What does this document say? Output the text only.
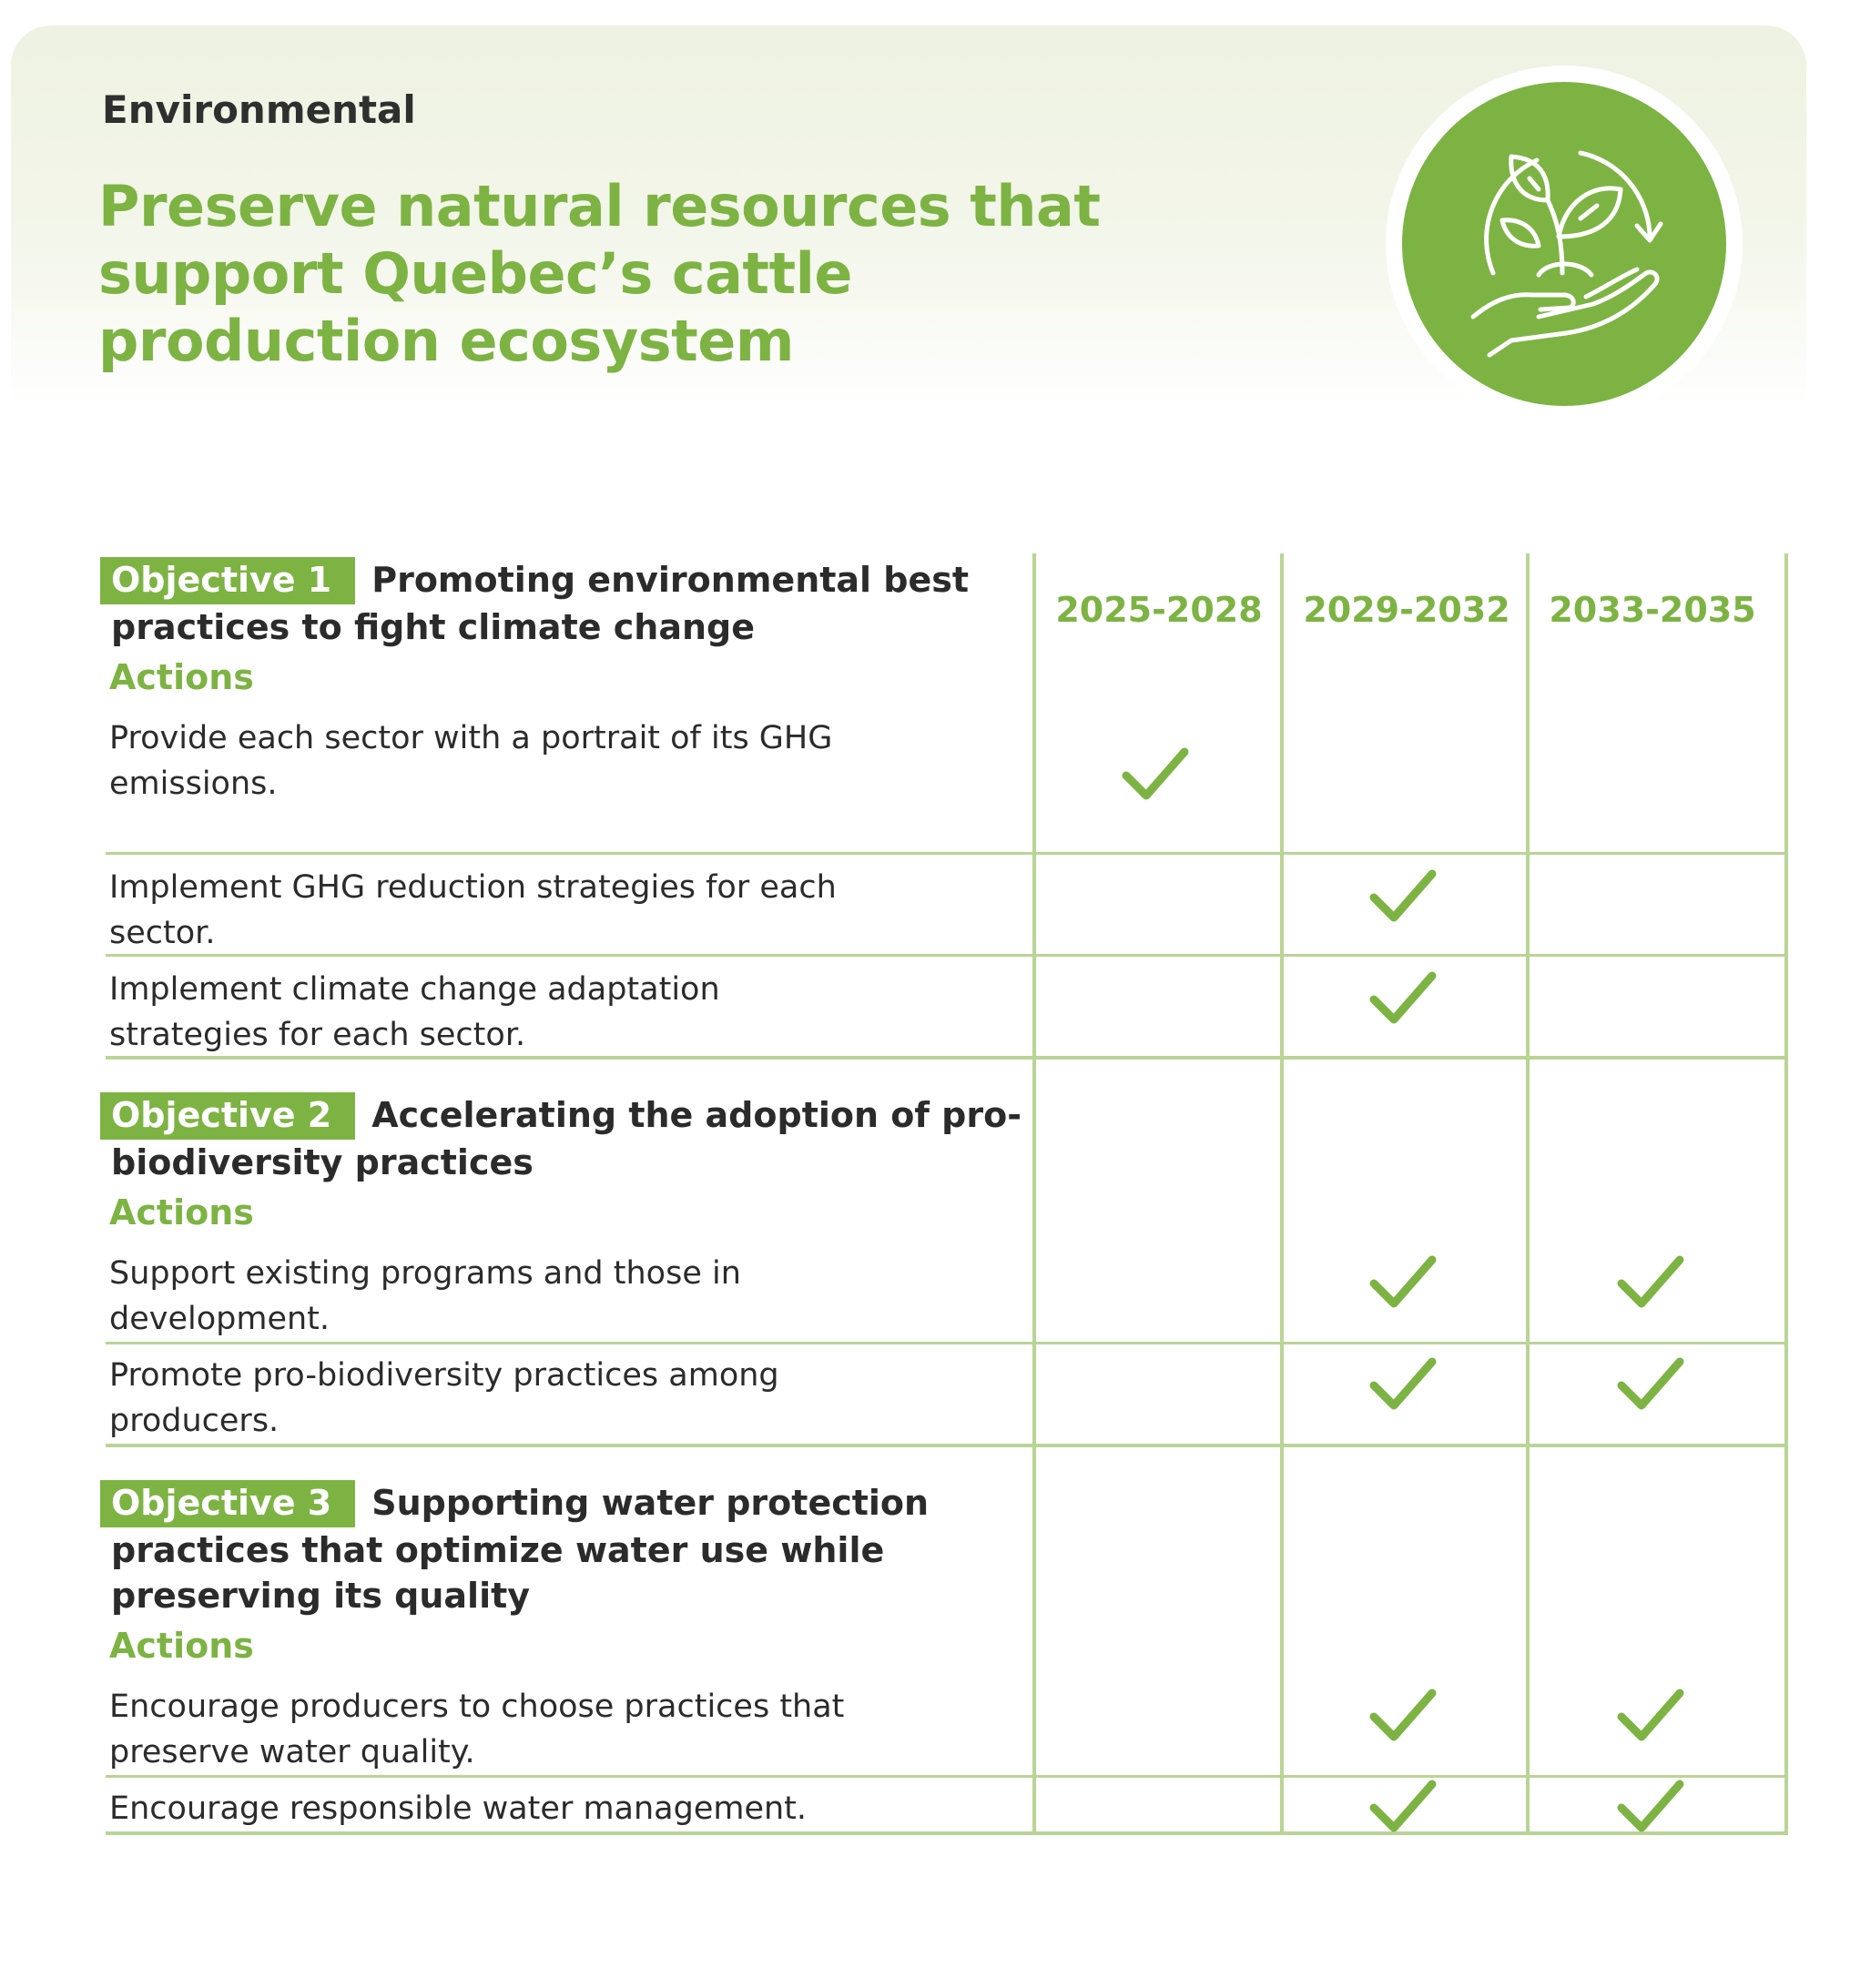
Environmental
Preserve natural resources that
support Quebec’s cattle
production ecosystem
2025-2028	2029-2032	2033-2035
Objective 1 Promoting environmental best
practices to fight climate change
Actions
Provide each sector with a portrait of its GHG
emissions.
Implement GHG reduction strategies for each
sector.
Implement climate change adaptation
strategies for each sector.
Objective 2 Accelerating the adoption of pro-
biodiversity practices
Actions
Support existing programs and those in
development.
Promote pro-biodiversity practices among
producers.
Objective 3 Supporting water protection
practices that optimize water use while
preserving its quality
Actions
Encourage producers to choose practices that
preserve water quality.
Encourage responsible water management.
